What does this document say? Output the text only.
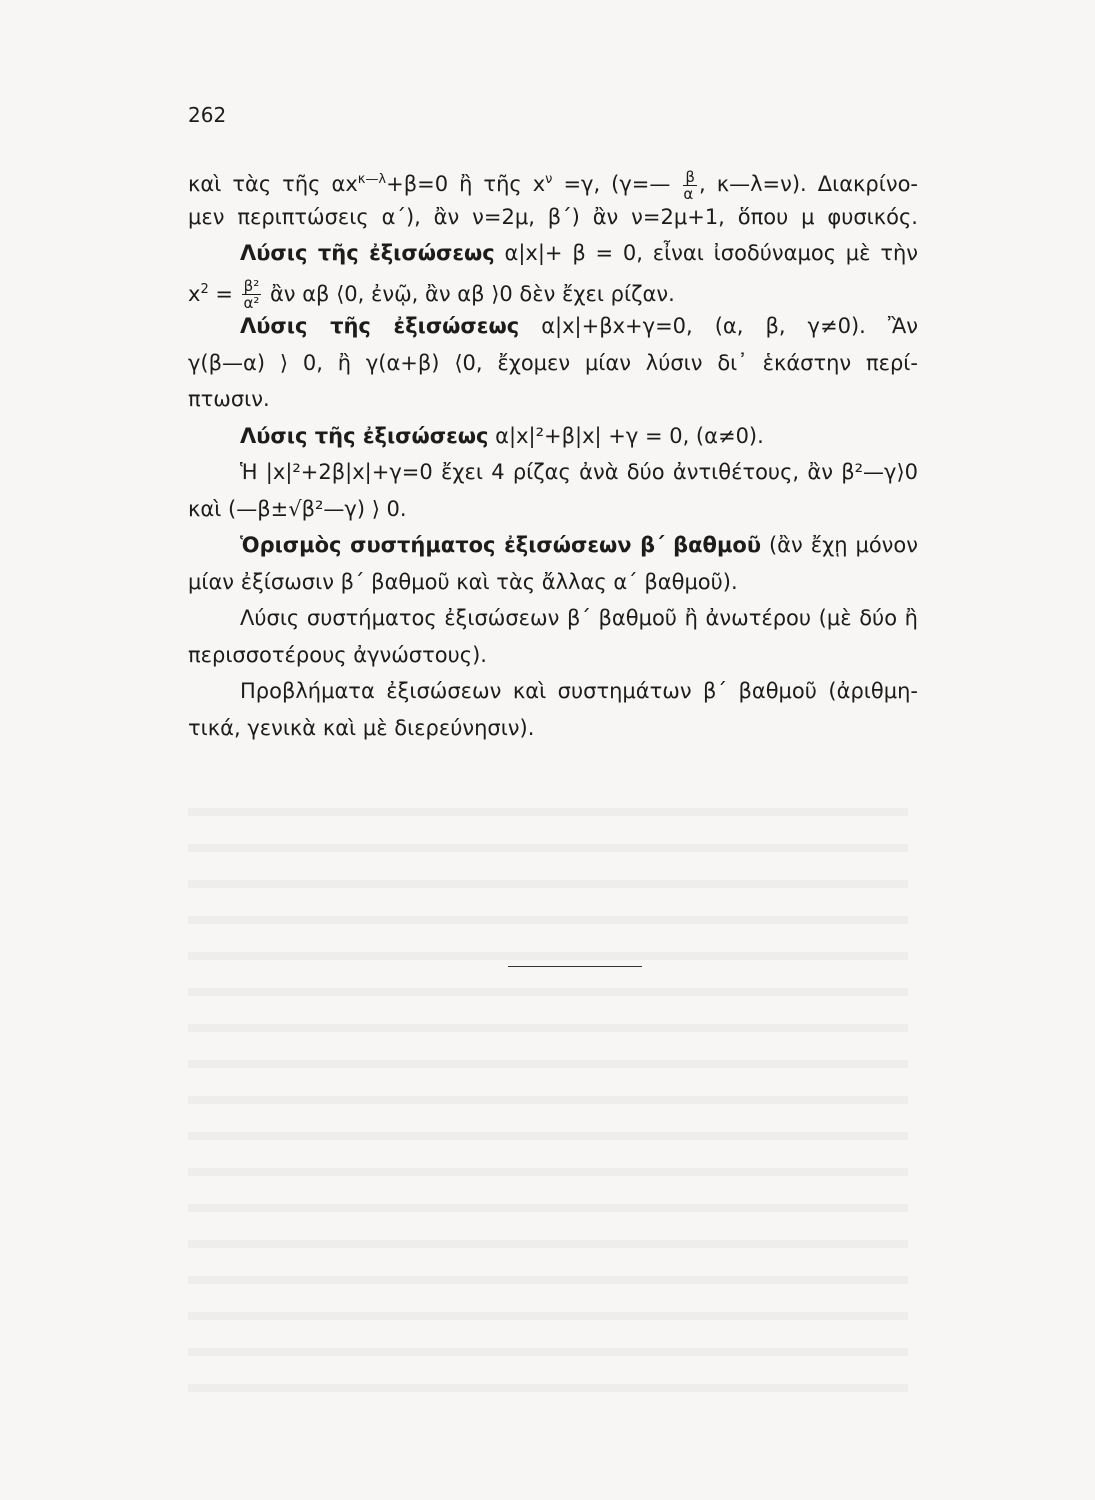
262
καὶ τὰς τῆς $\alpha x^{\kappa—\lambda}+\beta=0$ ἢ τῆς $x^\nu =\gamma$, (γ=— $\frac{\beta}{\alpha}$ , κ—λ=ν). Διακρίνο-
μεν περιπτώσεις α΄), ἂν ν=2μ, β΄) ἂν ν=2μ+1, ὅπου μ φυσικός.
Λύσις τῆς ἐξισώσεως α|x|+ β = 0, εἶναι ἰσοδύναμος μὲ τὴν
$x^2 = \frac{\text{β²}}{\text{α²}}$ ἂν αβ ⟨0, ἐνῷ, ἂν αβ ⟩0 δὲν ἔχει ρίζαν.
Λύσις τῆς ἐξισώσεως α|x|+βx+γ=0, (α, β, γ≠0). Ἂν
γ(β—α) ⟩ 0, ἢ γ(α+β) ⟨0, ἔχομεν μίαν λύσιν δι᾽ ἑκάστην περί-
πτωσιν.
Λύσις τῆς ἐξισώσεως α|x|²+β|x| +γ = 0, (α≠0).
Ἡ |x|²+2β|x|+γ=0 ἔχει 4 ρίζας ἀνὰ δύο ἀντιθέτους, ἂν β²—γ⟩0
καὶ (—β±√β²—γ) ⟩ 0.
Ὁρισμὸς συστήματος ἐξισώσεων β΄ βαθμοῦ (ἂν ἔχῃ μόνον
μίαν ἐξίσωσιν β΄ βαθμοῦ καὶ τὰς ἄλλας α΄ βαθμοῦ).
Λύσις συστήματος ἐξισώσεων β΄ βαθμοῦ ἢ ἀνωτέρου (μὲ δύο ἢ
περισσοτέρους ἀγνώστους).
Προβλήματα ἐξισώσεων καὶ συστημάτων β΄ βαθμοῦ (ἀριθμη-
τικά, γενικὰ καὶ μὲ διερεύνησιν).
